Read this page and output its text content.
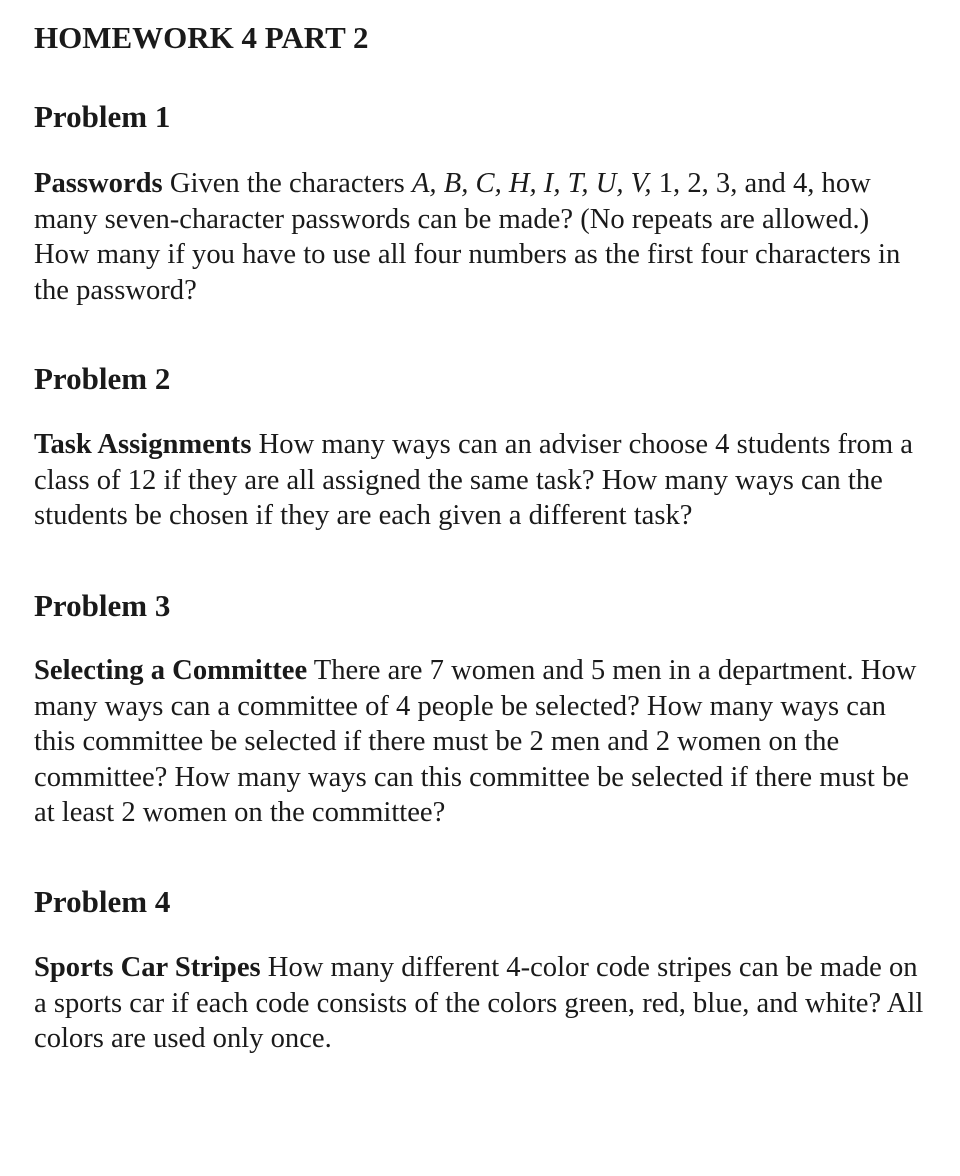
HOMEWORK 4 PART 2
Problem 1

Passwords Given the characters A, B, C, H, I, T, U, V, 1, 2, 3, and 4, how many seven-character passwords can be made? (No repeats are allowed.) How many if you have to use all four numbers as the first four characters in the password?

Problem 2

Task Assignments How many ways can an adviser choose 4 students from a class of 12 if they are all assigned the same task? How many ways can the students be chosen if they are each given a different task?

Problem 3

Selecting a Committee There are 7 women and 5 men in a department. How many ways can a committee of 4 people be selected? How many ways can this committee be selected if there must be 2 men and 2 women on the committee? How many ways can this committee be selected if there must be at least 2 women on the committee?

Problem 4

Sports Car Stripes How many different 4-color code stripes can be made on a sports car if each code consists of the colors green, red, blue, and white? All colors are used only once.
